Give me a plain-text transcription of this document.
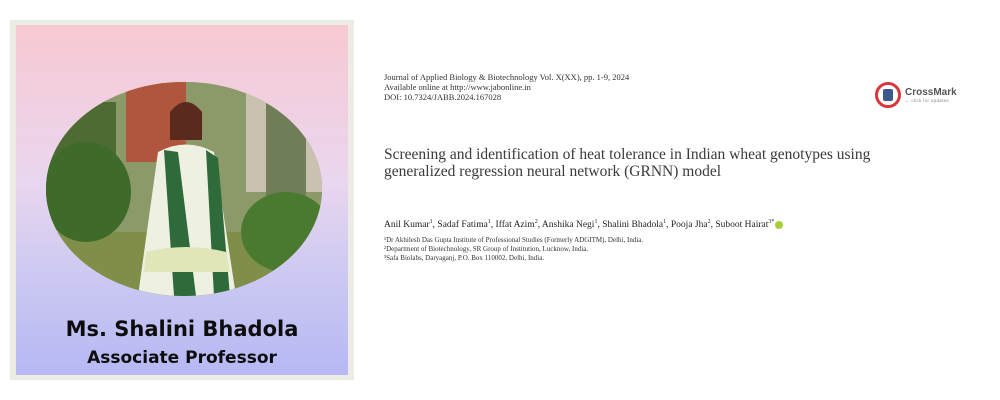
Ms. Shalini Bhadola
Associate Professor
Journal of Applied Biology & Biotechnology Vol. X(XX), pp. 1-9, 2024
Available online at http://www.jabonline.in
DOI: 10.7324/JABB.2024.167028	CrossMark
← click for updates
Screening and identification of heat tolerance in Indian wheat genotypes using generalized regression neural network (GRNN) model
Anil Kumar$^1$, Sadaf Fatima$^1$, Iffat Azim$^2$, Anshika Negi$^1$, Shalini Bhadola$^1$, Pooja Jha$^2$, Suboot Hairat$^{3*}$
¹Dr Akhilesh Das Gupta Institute of Professional Studies (Formerly ADGITM), Delhi, India.
²Department of Biotechnology, SR Group of Institution, Lucknow, India.
³Safa Biolabs, Daryaganj, P.O. Box 110002, Delhi, India.
